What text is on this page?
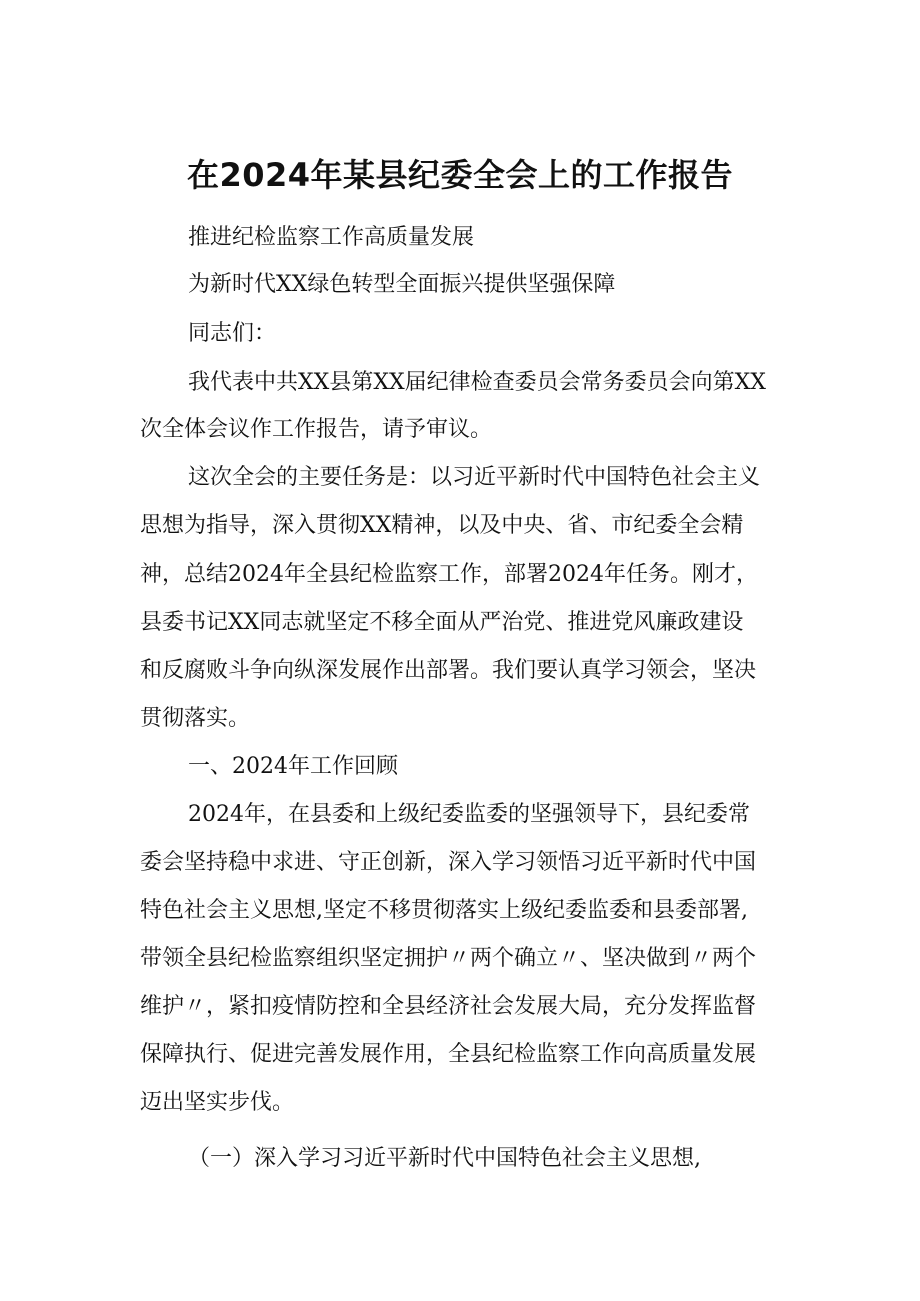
在2024年某县纪委全会上的工作报告
推进纪检监察工作高质量发展
为新时代XX绿色转型全面振兴提供坚强保障
同志们：
我代表中共XX县第XX届纪律检查委员会常务委员会向第XX
次全体会议作工作报告，请予审议。
这次全会的主要任务是：以习近平新时代中国特色社会主义
思想为指导，深入贯彻XX精神，以及中央、省、市纪委全会精
神，总结2024年全县纪检监察工作，部署2024年任务。刚才，
县委书记XX同志就坚定不移全面从严治党、推进党风廉政建设
和反腐败斗争向纵深发展作出部署。我们要认真学习领会，坚决
贯彻落实。
一、2024年工作回顾
2024年，在县委和上级纪委监委的坚强领导下，县纪委常
委会坚持稳中求进、守正创新，深入学习领悟习近平新时代中国
特色社会主义思想,坚定不移贯彻落实上级纪委监委和县委部署,
带领全县纪检监察组织坚定拥护〃两个确立〃、坚决做到〃两个
维护〃，紧扣疫情防控和全县经济社会发展大局，充分发挥监督
保障执行、促进完善发展作用，全县纪检监察工作向高质量发展
迈出坚实步伐。
（一）深入学习习近平新时代中国特色社会主义思想,
